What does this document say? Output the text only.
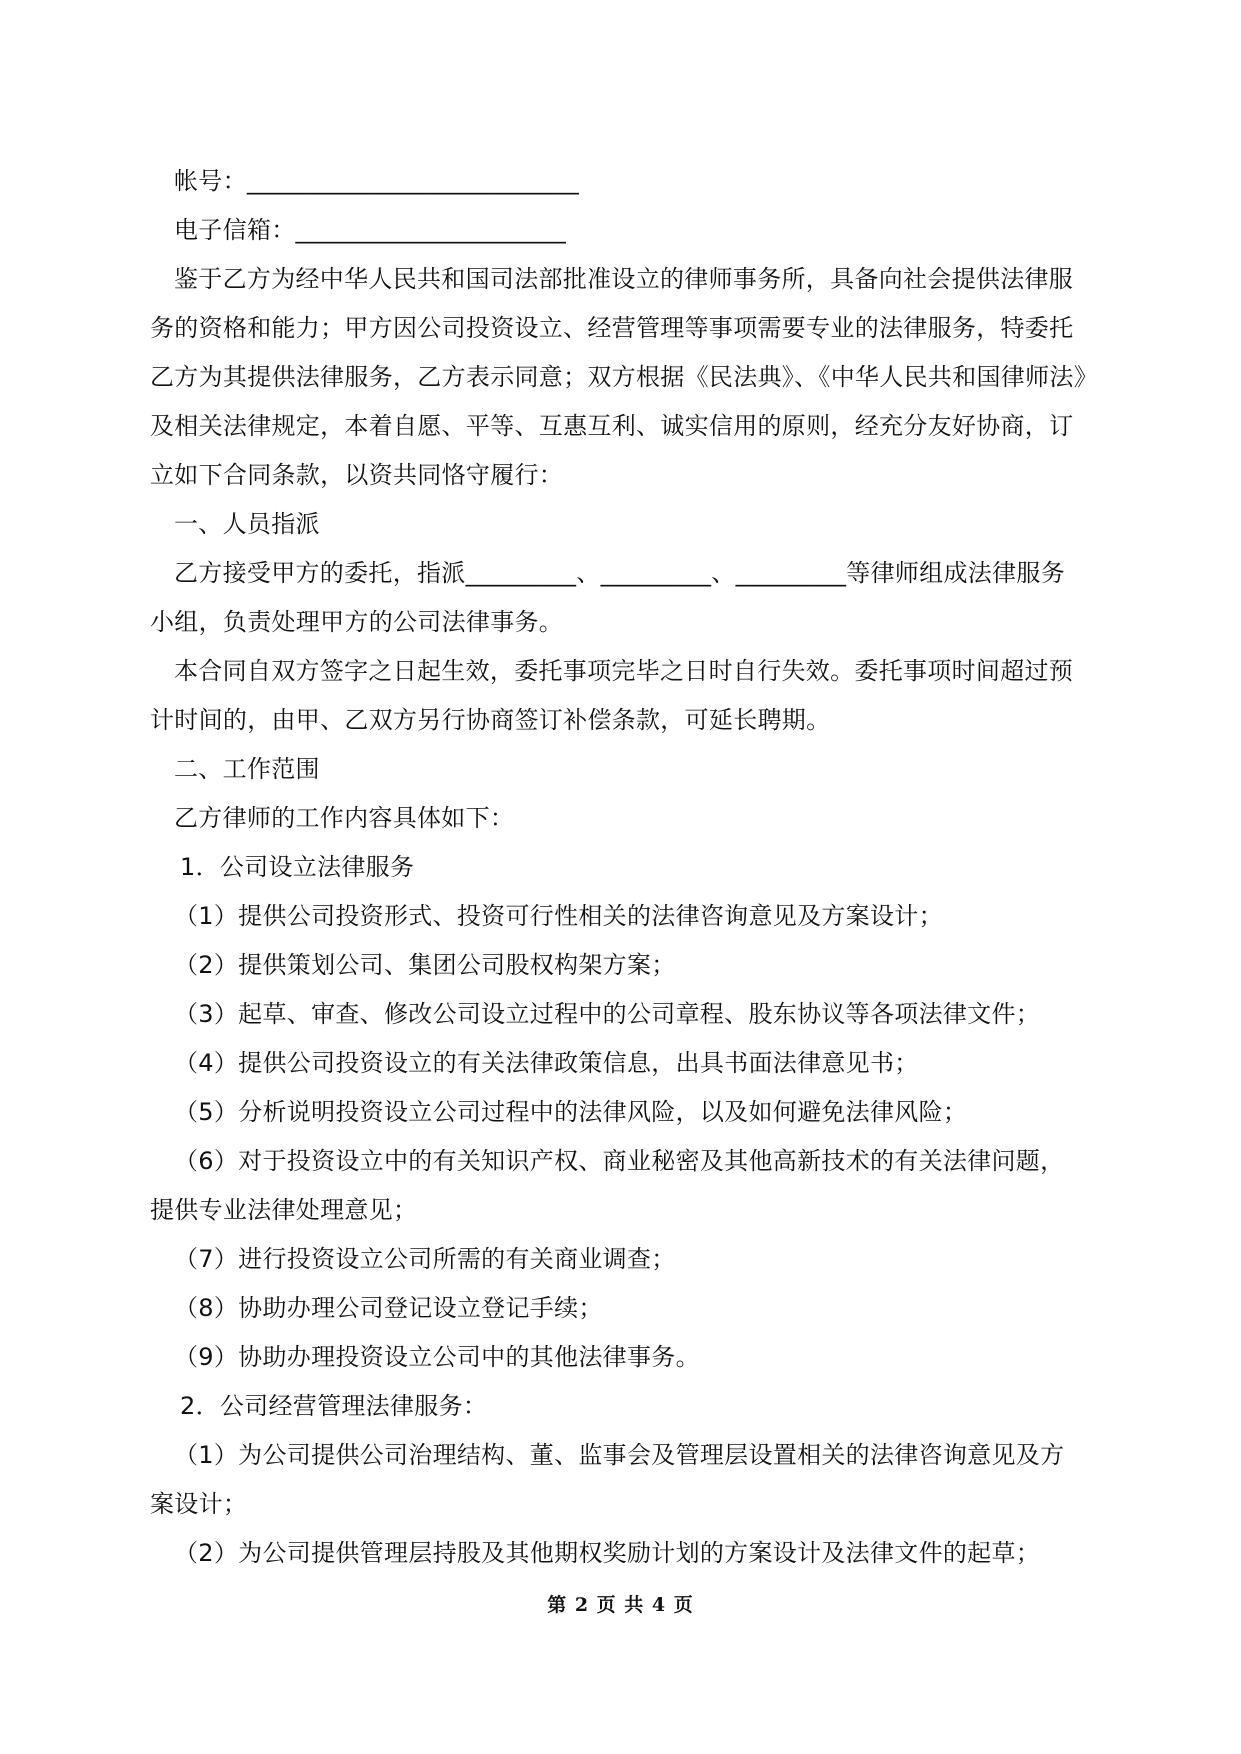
帐号：___________________________
电子信箱：______________________
鉴于乙方为经中华人民共和国司法部批准设立的律师事务所，具备向社会提供法律服
务的资格和能力；甲方因公司投资设立、经营管理等事项需要专业的法律服务，特委托
乙方为其提供法律服务，乙方表示同意；双方根据《民法典》、《中华人民共和国律师法》
及相关法律规定，本着自愿、平等、互惠互利、诚实信用的原则，经充分友好协商，订
立如下合同条款，以资共同恪守履行：
一、人员指派
乙方接受甲方的委托，指派_________、_________、_________等律师组成法律服务
小组，负责处理甲方的公司法律事务。
本合同自双方签字之日起生效，委托事项完毕之日时自行失效。委托事项时间超过预
计时间的，由甲、乙双方另行协商签订补偿条款，可延长聘期。
二、工作范围
乙方律师的工作内容具体如下：
1．公司设立法律服务
（1）提供公司投资形式、投资可行性相关的法律咨询意见及方案设计；
（2）提供策划公司、集团公司股权构架方案；
（3）起草、审查、修改公司设立过程中的公司章程、股东协议等各项法律文件；
（4）提供公司投资设立的有关法律政策信息，出具书面法律意见书；
（5）分析说明投资设立公司过程中的法律风险，以及如何避免法律风险；
（6）对于投资设立中的有关知识产权、商业秘密及其他高新技术的有关法律问题，
提供专业法律处理意见；
（7）进行投资设立公司所需的有关商业调查；
（8）协助办理公司登记设立登记手续；
（9）协助办理投资设立公司中的其他法律事务。
2．公司经营管理法律服务：
（1）为公司提供公司治理结构、董、监事会及管理层设置相关的法律咨询意见及方
案设计；
（2）为公司提供管理层持股及其他期权奖励计划的方案设计及法律文件的起草；
第 2 页 共 4 页
